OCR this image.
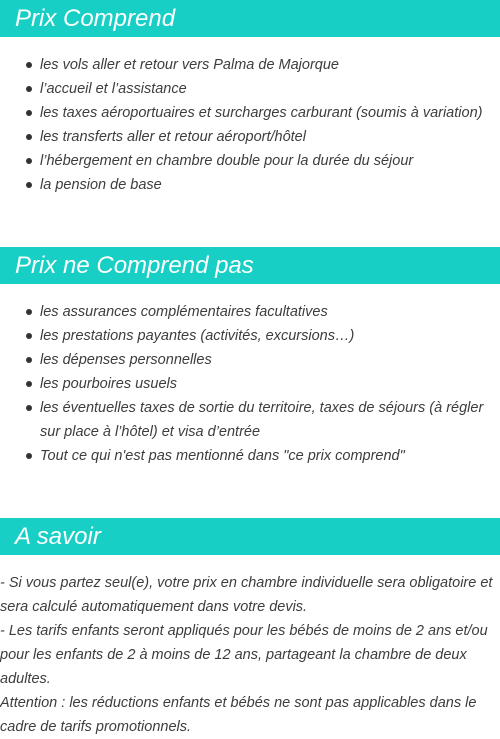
Prix Comprend
les vols aller et retour vers Palma de Majorque
l’accueil et l’assistance
les taxes aéroportuaires et surcharges carburant (soumis à variation)
les transferts aller et retour aéroport/hôtel
l’hébergement en chambre double pour la durée du séjour
la pension de base
Prix ne Comprend pas
les assurances complémentaires facultatives
les prestations payantes (activités, excursions…)
les dépenses personnelles
les pourboires usuels
les éventuelles taxes de sortie du territoire, taxes de séjours (à régler sur place à l’hôtel) et visa d’entrée
Tout ce qui n'est pas mentionné dans "ce prix comprend"
A savoir

- Si vous partez seul(e), votre prix en chambre individuelle sera obligatoire et sera calculé automatiquement dans votre devis.

- Les tarifs enfants seront appliqués pour les bébés de moins de 2 ans et/ou pour les enfants de 2 à moins de 12 ans, partageant la chambre de deux adultes.

Attention : les réductions enfants et bébés ne sont pas applicables dans le cadre de tarifs promotionnels.
